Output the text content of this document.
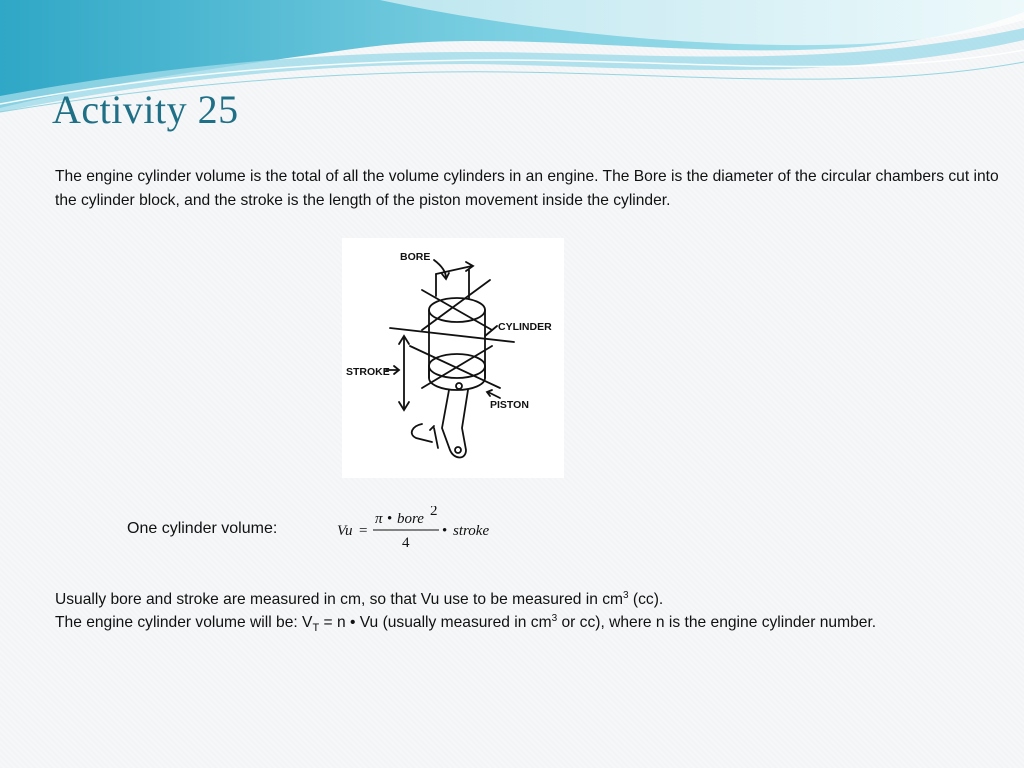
Activity 25

The engine cylinder volume is the total of all the volume cylinders in an engine. The Bore is the diameter of the circular chambers cut into the cylinder block, and the stroke is the length of the piston movement inside the cylinder.

BORE
CYLINDER
STROKE
PISTON

One cylinder volume:	Vu =
π • bore 2
4
• stroke

Usually bore and stroke are measured in cm, so that Vu use to be measured in $cm^3$ (cc).

The engine cylinder volume will be: $V_T = n$ • Vu (usually measured in $cm^3$ or cc), where n is the engine cylinder number.
